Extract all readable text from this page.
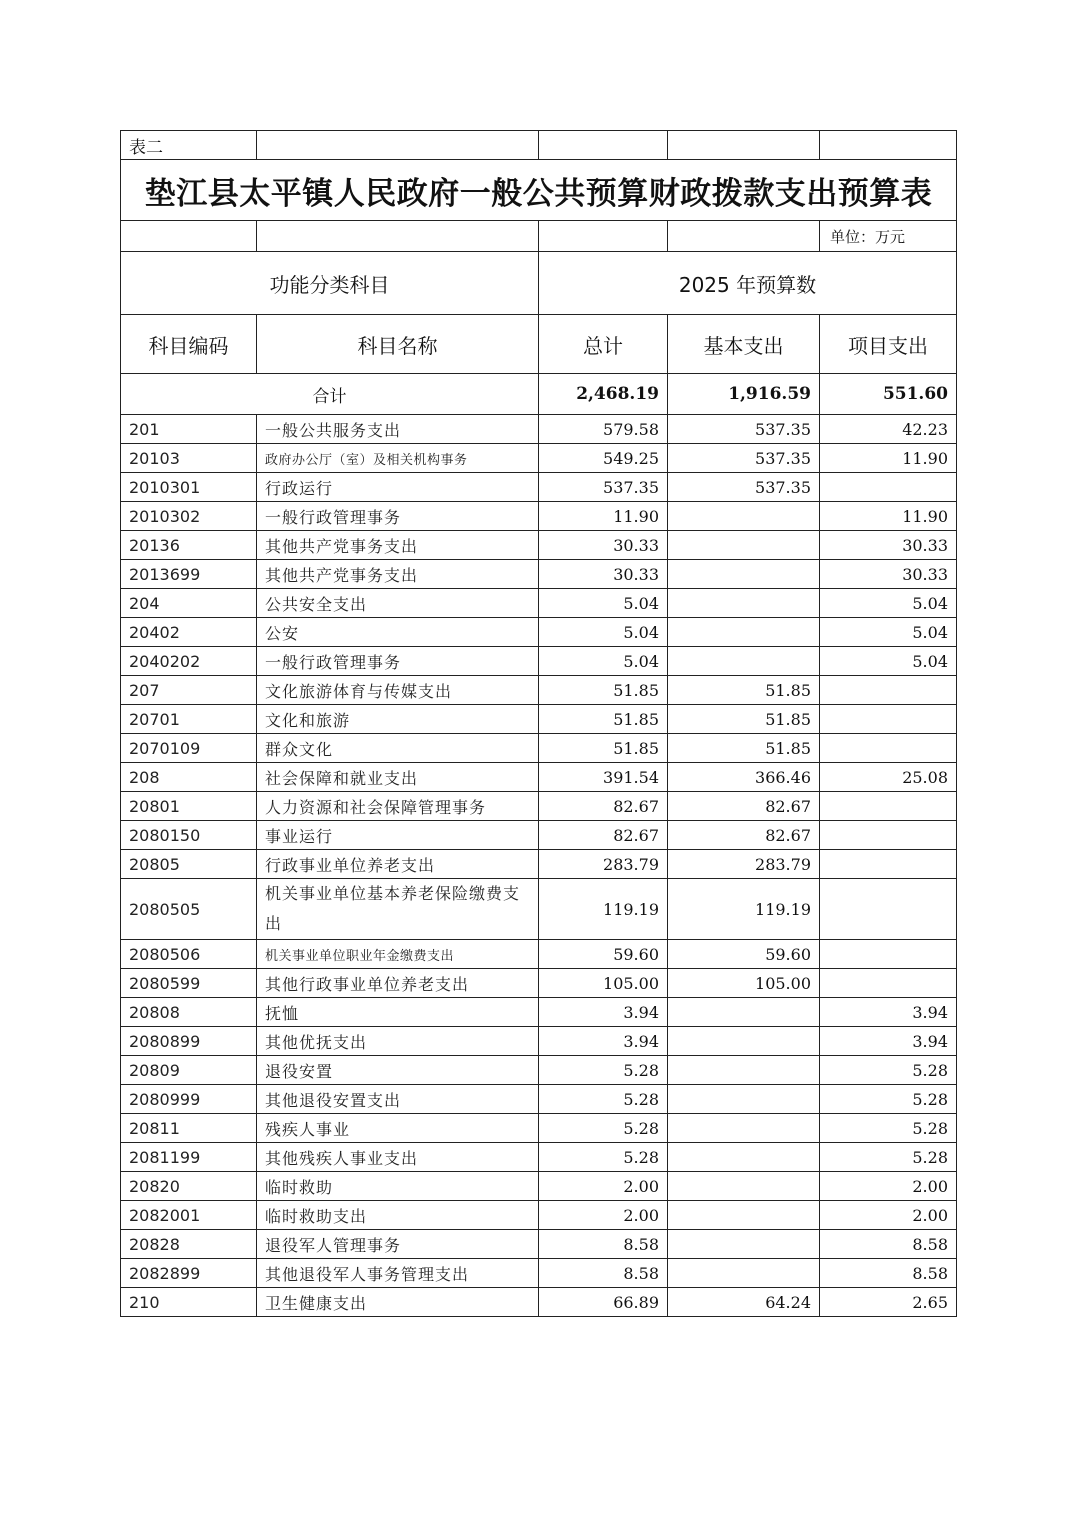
表二				
垫江县太平镇人民政府一般公共预算财政拨款支出预算表				
				单位：万元
功能分类科目		2025 年预算数		
科目编码	科目名称	总计	基本支出	项目支出
合计		2,468.19	1,916.59	551.60
201	一般公共服务支出	579.58	537.35	42.23
20103	政府办公厅（室）及相关机构事务	549.25	537.35	11.90
2010301	行政运行	537.35	537.35	
2010302	一般行政管理事务	11.90		11.90
20136	其他共产党事务支出	30.33		30.33
2013699	其他共产党事务支出	30.33		30.33
204	公共安全支出	5.04		5.04
20402	公安	5.04		5.04
2040202	一般行政管理事务	5.04		5.04
207	文化旅游体育与传媒支出	51.85	51.85	
20701	文化和旅游	51.85	51.85	
2070109	群众文化	51.85	51.85	
208	社会保障和就业支出	391.54	366.46	25.08
20801	人力资源和社会保障管理事务	82.67	82.67	
2080150	事业运行	82.67	82.67	
20805	行政事业单位养老支出	283.79	283.79	
2080505	机关事业单位基本养老保险缴费支出	119.19	119.19	
2080506	机关事业单位职业年金缴费支出	59.60	59.60	
2080599	其他行政事业单位养老支出	105.00	105.00	
20808	抚恤	3.94		3.94
2080899	其他优抚支出	3.94		3.94
20809	退役安置	5.28		5.28
2080999	其他退役安置支出	5.28		5.28
20811	残疾人事业	5.28		5.28
2081199	其他残疾人事业支出	5.28		5.28
20820	临时救助	2.00		2.00
2082001	临时救助支出	2.00		2.00
20828	退役军人管理事务	8.58		8.58
2082899	其他退役军人事务管理支出	8.58		8.58
210	卫生健康支出	66.89	64.24	2.65
